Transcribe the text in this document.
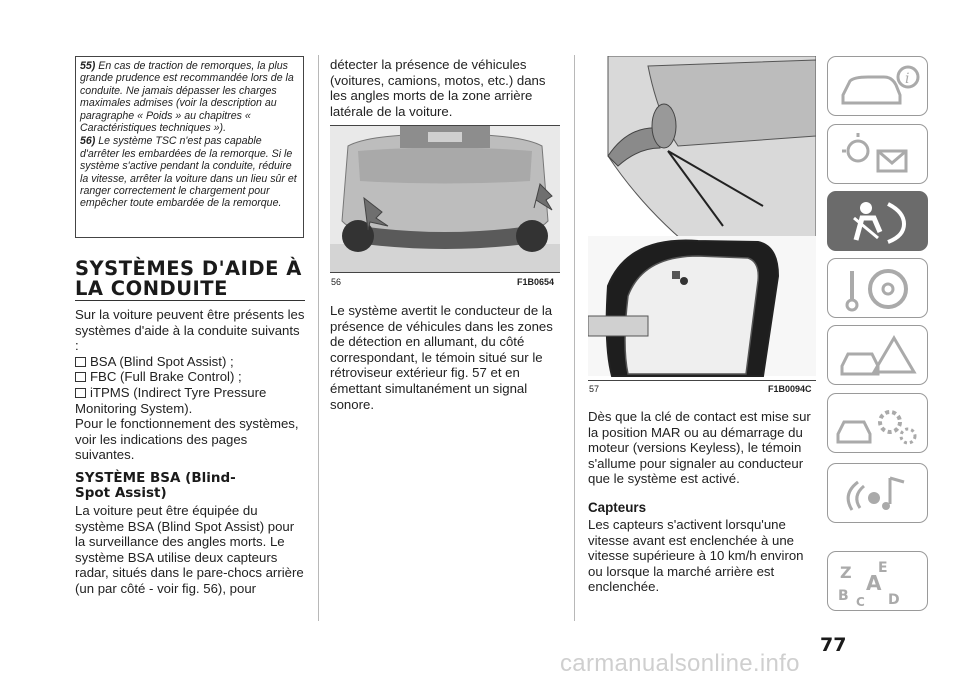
55) En cas de traction de remorques, la plus grande prudence est recommandée lors de la conduite. Ne jamais dépasser les charges maximales admises (voir la description au paragraphe « Poids » au chapitres « Caractéristiques techniques »).

56) Le système TSC n'est pas capable d'arrêter les embardées de la remorque. Si le système s'active pendant la conduite, réduire la vitesse, arrêter la voiture dans un lieu sûr et ranger correctement le chargement pour empêcher toute embardée de la remorque.

SYSTÈMES D'AIDE À
LA CONDUITE
Sur la voiture peuvent être présents les systèmes d'aide à la conduite suivants :
BSA (Blind Spot Assist) ;
FBC (Full Brake Control) ;
iTPMS (Indirect Tyre Pressure Monitoring System).
Pour le fonctionnement des systèmes, voir les indications des pages suivantes.
SYSTÈME BSA (Blind-
Spot Assist)
La voiture peut être équipée du système BSA (Blind Spot Assist) pour la surveillance des angles morts. Le système BSA utilise deux capteurs radar, situés dans le pare-chocs arrière (un par côté - voir fig. 56), pour
détecter la présence de véhicules (voitures, camions, motos, etc.) dans les angles morts de la zone arrière latérale de la voiture.
56	F1B0654
Le système avertit le conducteur de la présence de véhicules dans les zones de détection en allumant, du côté correspondant, le témoin situé sur le rétroviseur extérieur fig. 57 et en émettant simultanément un signal sonore.
57	F1B0094C
Dès que la clé de contact est mise sur la position MAR ou au démarrage du moteur (versions Keyless), le témoin s'allume pour signaler au conducteur que le système est activé.
Capteurs
Les capteurs s'activent lorsqu'une vitesse avant est enclenchée à une vitesse supérieure à 10 km/h environ ou lorsque la marché arrière est enclenchée.
i
Z E
A
B C D
77
carmanualsonline.info
